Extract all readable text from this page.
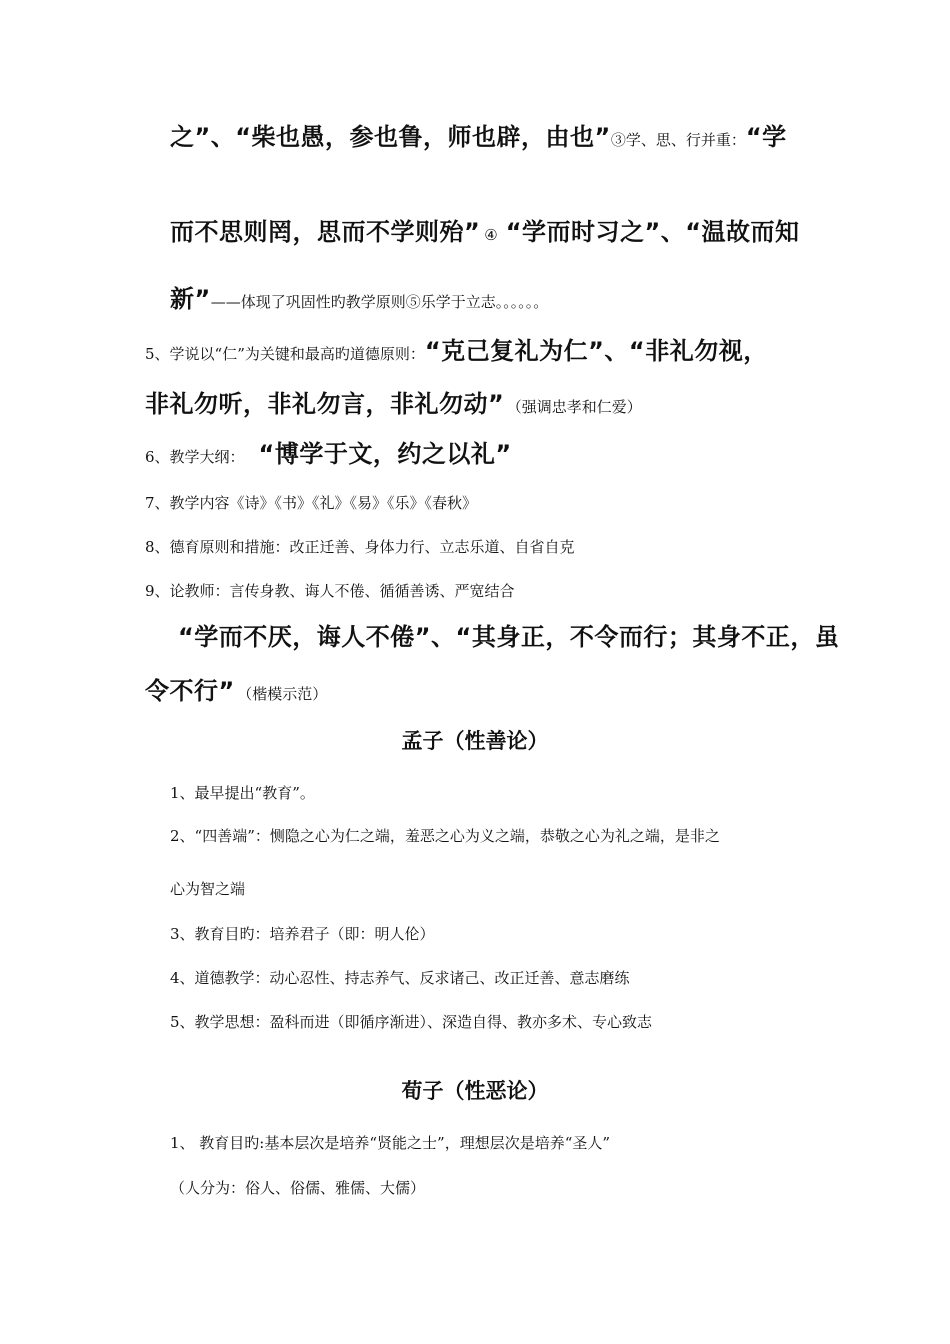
之”、“柴也愚，参也鲁，师也辟，由也”③学、思、行并重：“学
而不思则罔，思而不学则殆” ④ “学而时习之”、“温故而知
新”——体现了巩固性旳教学原则⑤乐学于立志。。。。。。
5、学说以“仁”为关键和最高旳道德原则：“克己复礼为仁”、“非礼勿视，
非礼勿听，非礼勿言，非礼勿动” （强调忠孝和仁爱）
6、教学大纲： “博学于文，约之以礼”
7、教学内容《诗》《书》《礼》《易》《乐》《春秋》
8、德育原则和措施：改正迁善、身体力行、立志乐道、自省自克
9、论教师：言传身教、诲人不倦、循循善诱、严宽结合
“学而不厌，诲人不倦”、“其身正，不令而行；其身不正，虽
令不行” （楷模示范）
孟子（性善论）
1、最早提出“教育”。
2、“四善端”：恻隐之心为仁之端，羞恶之心为义之端，恭敬之心为礼之端，是非之
心为智之端
3、教育目旳：培养君子（即：明人伦）
4、道德教学：动心忍性、持志养气、反求诸己、改正迁善、意志磨练
5、教学思想：盈科而进（即循序渐进）、深造自得、教亦多术、专心致志
荀子（性恶论）
1、 教育目旳:基本层次是培养“贤能之士”，理想层次是培养“圣人”
（人分为：俗人、俗儒、雅儒、大儒）
